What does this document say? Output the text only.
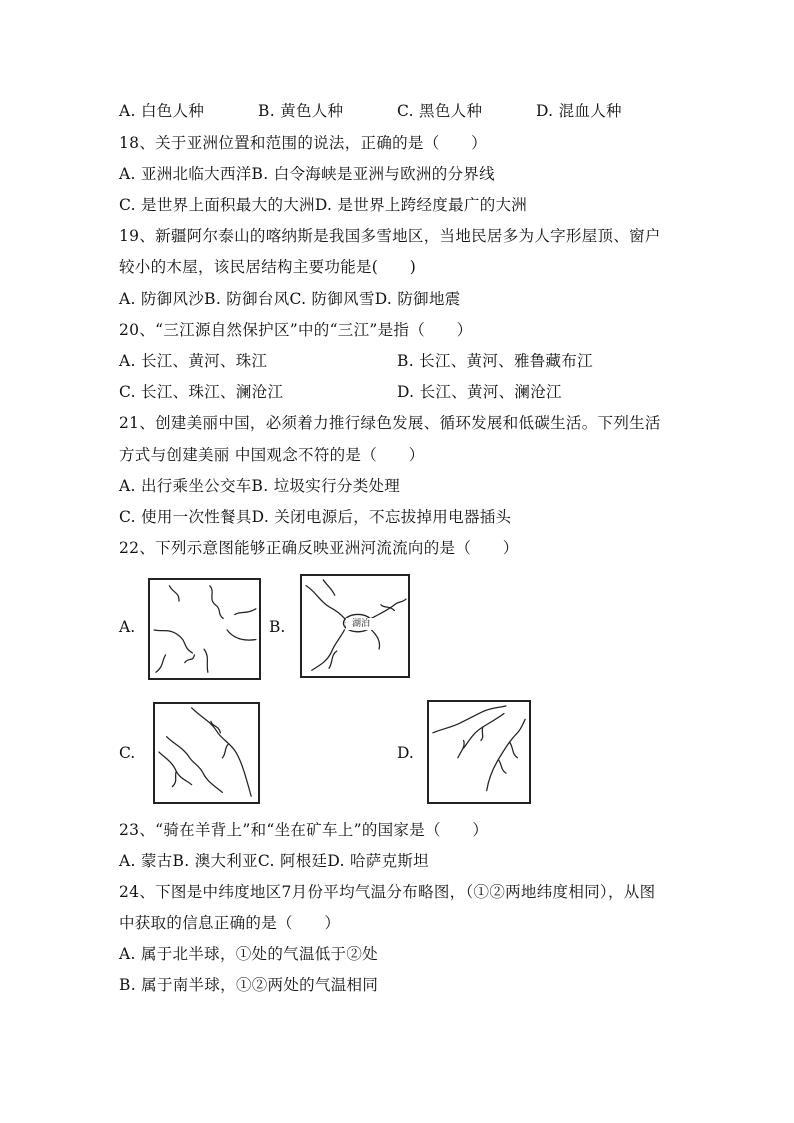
A. 白色人种	B. 黄色人种	C. 黑色人种	D. 混血人种
18、关于亚洲位置和范围的说法，正确的是（　　）
A. 亚洲北临大西洋B. 白令海峡是亚洲与欧洲的分界线
C. 是世界上面积最大的大洲D. 是世界上跨经度最广的大洲
19、新疆阿尔泰山的喀纳斯是我国多雪地区，当地民居多为人字形屋顶、窗户
较小的木屋，该民居结构主要功能是(　　)
A. 防御风沙B. 防御台风C. 防御风雪D. 防御地震
20、“三江源自然保护区”中的“三江”是指（　　）
A. 长江、黄河、珠江	B. 长江、黄河、雅鲁藏布江
C. 长江、珠江、澜沧江	D. 长江、黄河、澜沧江
21、创建美丽中国，必须着力推行绿色发展、循环发展和低碳生活。下列生活
方式与创建美丽 中国观念不符的是（　　）
A. 出行乘坐公交车B. 垃圾实行分类处理
C. 使用一次性餐具D. 关闭电源后，不忘拔掉用电器插头
22、下列示意图能够正确反映亚洲河流流向的是（　　）
A.	B.	湖泊
C.	D.
23、“骑在羊背上”和“坐在矿车上”的国家是（　　）
A. 蒙古B. 澳大利亚C. 阿根廷D. 哈萨克斯坦
24、下图是中纬度地区7月份平均气温分布略图，（①②两地纬度相同），从图
中获取的信息正确的是（　　）
A. 属于北半球，①处的气温低于②处
B. 属于南半球，①②两处的气温相同
